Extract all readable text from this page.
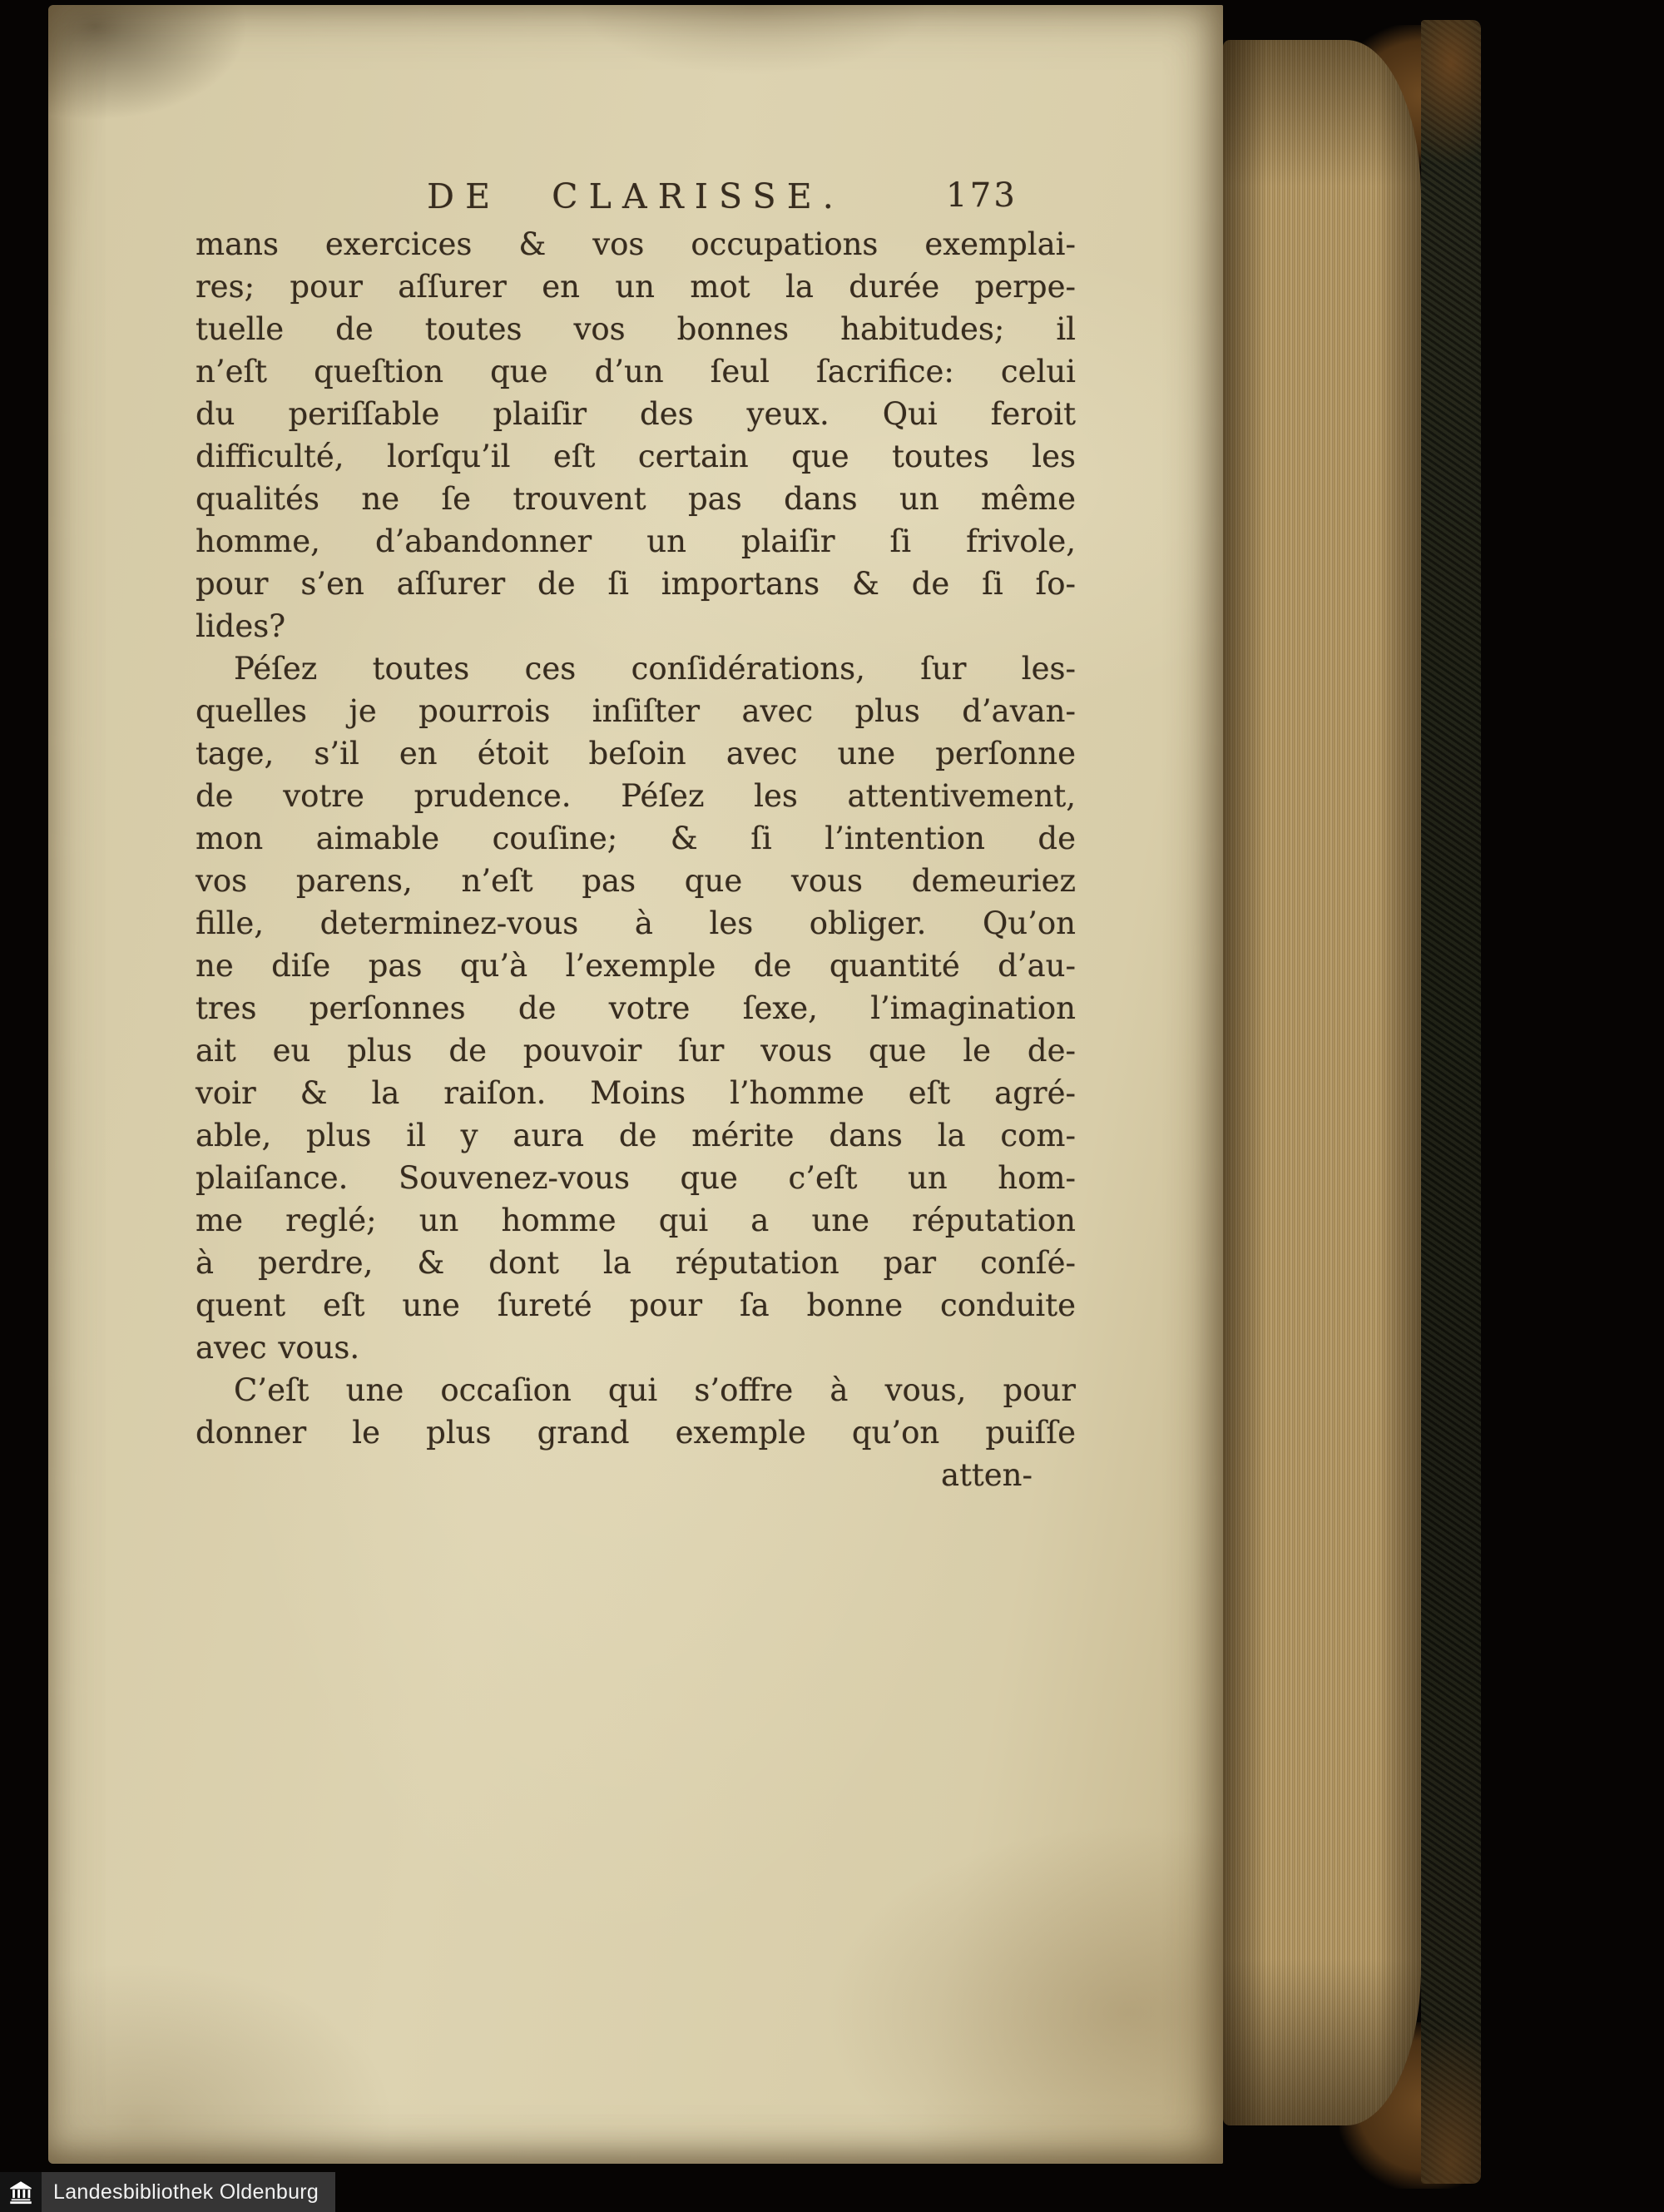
DE CLARISSE.	173
mans exercices & vos occupations exemplai-
res; pour aſſurer en un mot la durée perpe-
tuelle de toutes vos bonnes habitudes; il
n’eſt queſtion que d’un ſeul ſacrifice: celui
du periſſable plaiſir des yeux. Qui feroit
difficulté, lorſqu’il eſt certain que toutes les
qualités ne ſe trouvent pas dans un même
homme, d’abandonner un plaiſir ſi frivole,
pour s’en aſſurer de ſi importans & de ſi ſo-
lides?
Péſez toutes ces conſidérations, ſur les-
quelles je pourrois inſiſter avec plus d’avan-
tage, s’il en étoit beſoin avec une perſonne
de votre prudence. Péſez les attentivement,
mon aimable couſine; & ſi l’intention de
vos parens, n’eſt pas que vous demeuriez
fille, determinez-vous à les obliger. Qu’on
ne diſe pas qu’à l’exemple de quantité d’au-
tres perſonnes de votre ſexe, l’imagination
ait eu plus de pouvoir ſur vous que le de-
voir & la raiſon. Moins l’homme eſt agré-
able, plus il y aura de mérite dans la com-
plaiſance. Souvenez-vous que c’eſt un hom-
me reglé; un homme qui a une réputation
à perdre, & dont la réputation par conſé-
quent eſt une ſureté pour ſa bonne conduite
avec vous.
C’eſt une occaſion qui s’offre à vous, pour
donner le plus grand exemple qu’on puiſſe
atten-
Landesbibliothek Oldenburg
